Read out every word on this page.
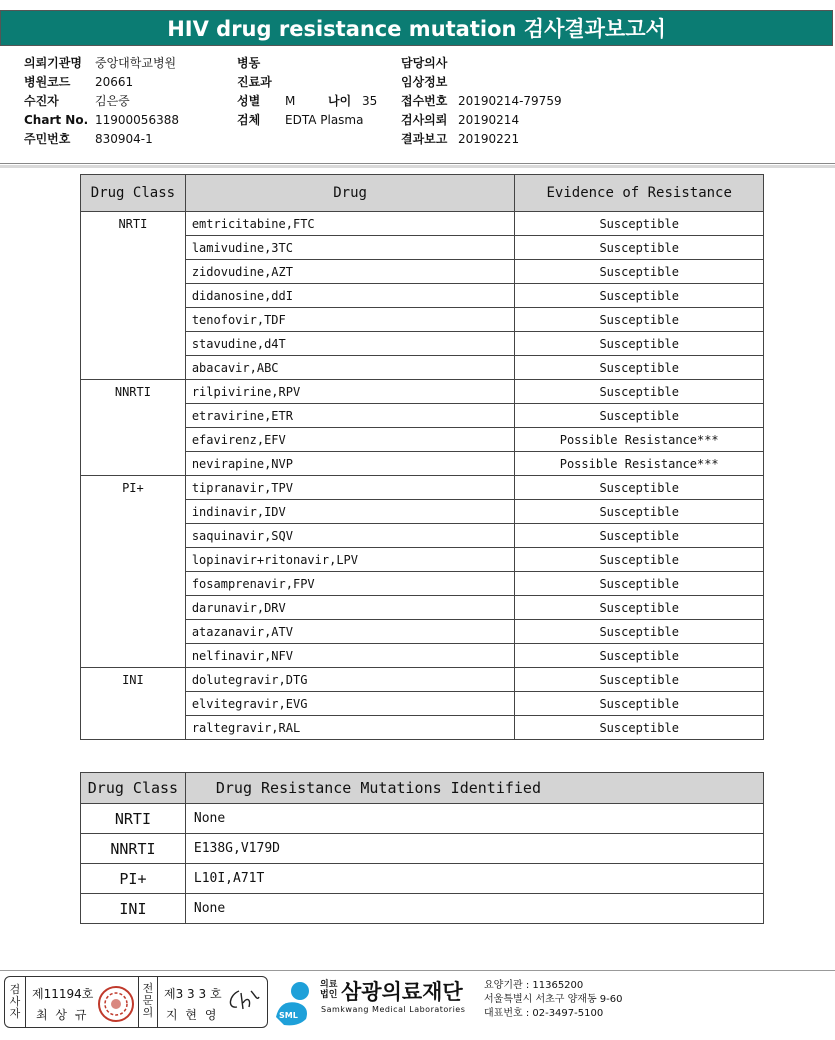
HIV drug resistance mutation 검사결과보고서
의뢰기관명	중앙대학교병원
병원코드	20661
수진자	김은중
Chart No. 11900056388
주민번호	830904-1
병동
진료과
성별	M	나이 35
검체	EDTA Plasma
담당의사
임상정보
접수번호 20190214-79759
검사의뢰 20190214
결과보고 20190221
Drug Class	Drug	Evidence of Resistance
NRTI	emtricitabine,FTC	Susceptible
	lamivudine,3TC	Susceptible
	zidovudine,AZT	Susceptible
	didanosine,ddI	Susceptible
	tenofovir,TDF	Susceptible
	stavudine,d4T	Susceptible
	abacavir,ABC	Susceptible
NNRTI	rilpivirine,RPV	Susceptible
	etravirine,ETR	Susceptible
	efavirenz,EFV	Possible Resistance***
	nevirapine,NVP	Possible Resistance***
PI+	tipranavir,TPV	Susceptible
	indinavir,IDV	Susceptible
	saquinavir,SQV	Susceptible
	lopinavir+ritonavir,LPV	Susceptible
	fosamprenavir,FPV	Susceptible
	darunavir,DRV	Susceptible
	atazanavir,ATV	Susceptible
	nelfinavir,NFV	Susceptible
INI	dolutegravir,DTG	Susceptible
	elvitegravir,EVG	Susceptible
	raltegravir,RAL	Susceptible
Drug Class	Drug Resistance Mutations Identified
NRTI	None
NNRTI	E138G,V179D
PI+	L10I,A71T
INI	None
검
사
자
제11194호
최 상 규
전
문
의
제3 3 3 호
지 현 영	SML
의료법인 삼광의료재단
Samkwang Medical Laboratories
요양기관 : 11365200
서울특별시 서초구 양재동 9-60
대표번호 : 02-3497-5100
